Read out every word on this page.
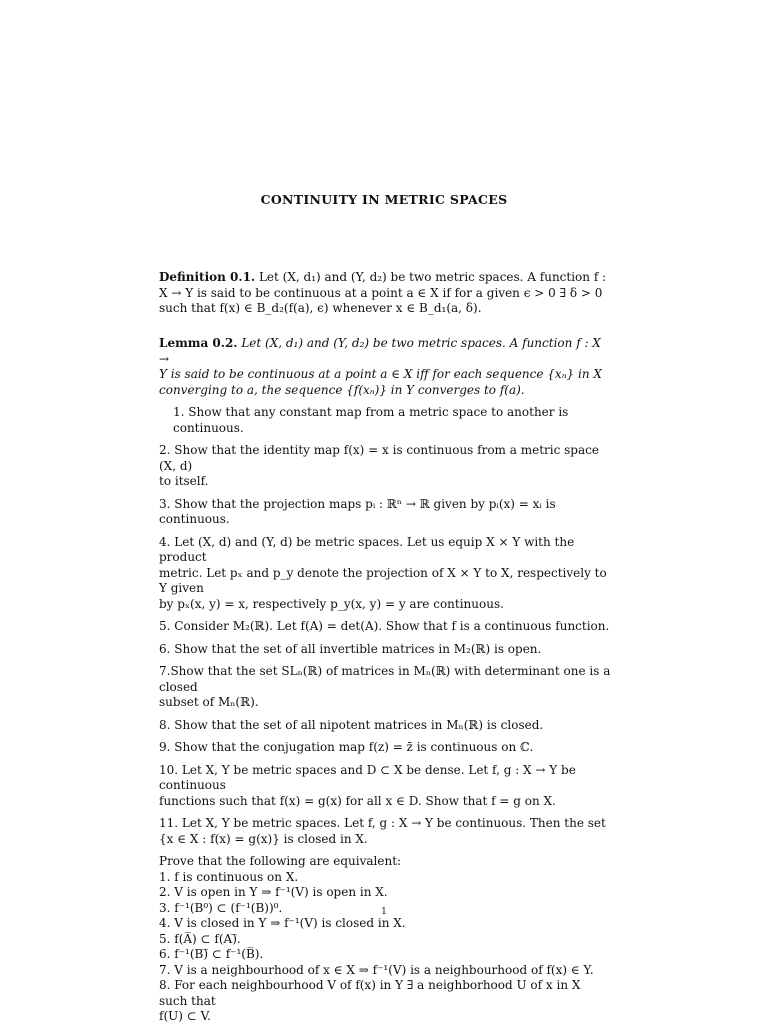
CONTINUITY IN METRIC SPACES

Definition 0.1. Let (X, d₁) and (Y, d₂) be two metric spaces. A function f :

X → Y is said to be continuous at a point a ∈ X if for a given ϵ > 0 ∃ δ > 0

such that f(x) ∈ B_d₂(f(a), ϵ) whenever x ∈ B_d₁(a, δ).

Lemma 0.2. Let (X, d₁) and (Y, d₂) be two metric spaces. A function f : X →

Y is said to be continuous at a point a ∈ X iff for each sequence {xₙ} in X

converging to a, the sequence {f(xₙ)} in Y converges to f(a).

1. Show that any constant map from a metric space to another is continuous.

2. Show that the identity map f(x) = x is continuous from a metric space (X, d)

to itself.

3. Show that the projection maps pᵢ : ℝⁿ → ℝ given by pᵢ(x) = xᵢ is continuous.

4. Let (X, d) and (Y, d) be metric spaces. Let us equip X × Y with the product

metric. Let pₓ and p_y denote the projection of X × Y to X, respectively to Y given

by pₓ(x, y) = x, respectively p_y(x, y) = y are continuous.

5. Consider M₂(ℝ). Let f(A) = det(A). Show that f is a continuous function.

6. Show that the set of all invertible matrices in M₂(ℝ) is open.

7.Show that the set SLₙ(ℝ) of matrices in Mₙ(ℝ) with determinant one is a closed

subset of Mₙ(ℝ).

8. Show that the set of all nipotent matrices in Mₙ(ℝ) is closed.

9. Show that the conjugation map f(z) = z̄ is continuous on ℂ.

10. Let X, Y be metric spaces and D ⊂ X be dense. Let f, g : X → Y be continuous

functions such that f(x) = g(x) for all x ∈ D. Show that f = g on X.

11. Let X, Y be metric spaces. Let f, g : X → Y be continuous. Then the set

{x ∈ X : f(x) = g(x)} is closed in X.

Prove that the following are equivalent:

1. f is continuous on X.

2. V is open in Y ⇒ f⁻¹(V) is open in X.

3. f⁻¹(B⁰) ⊂ (f⁻¹(B))⁰.

4. V is closed in Y ⇒ f⁻¹(V) is closed in X.

5. f(A̅) ⊂ f(A)̅.

6. f⁻¹(B)̅ ⊂ f⁻¹(B̅).

7. V is a neighbourhood of x ∈ X ⇒ f⁻¹(V) is a neighbourhood of f(x) ∈ Y.

8. For each neighbourhood V of f(x) in Y ∃ a neighborhood U of x in X such that

f(U) ⊂ V.

1
